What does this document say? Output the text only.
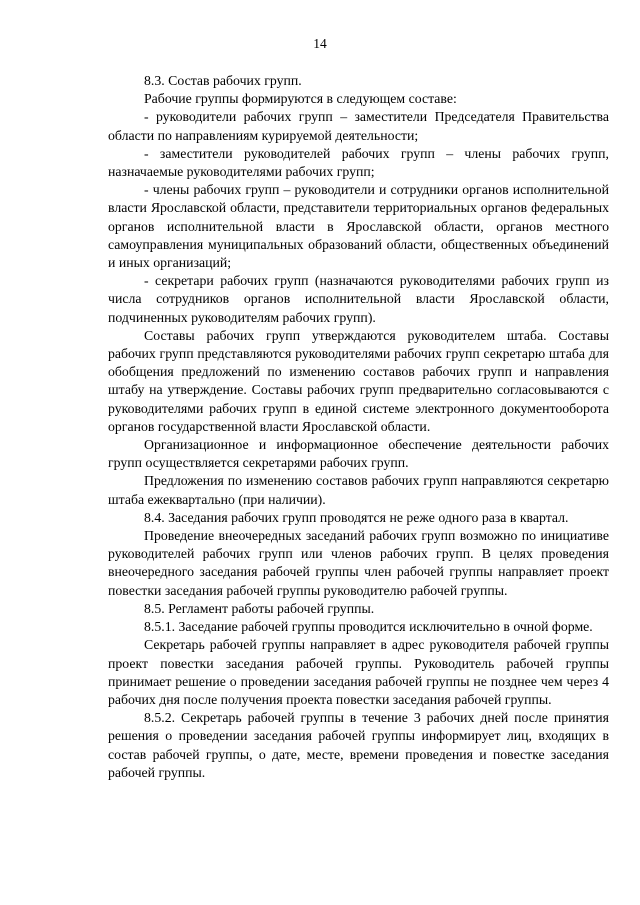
14

8.3. Состав рабочих групп.

Рабочие группы формируются в следующем составе:

- руководители рабочих групп – заместители Председателя Правительства области по направлениям курируемой деятельности;

- заместители руководителей рабочих групп – члены рабочих групп, назначаемые руководителями рабочих групп;

- члены рабочих групп – руководители и сотрудники органов исполнительной власти Ярославской области, представители территориальных органов федеральных органов исполнительной власти в Ярославской области, органов местного самоуправления муниципальных образований области, общественных объединений и иных организаций;

- секретари рабочих групп (назначаются руководителями рабочих групп из числа сотрудников органов исполнительной власти Ярославской области, подчиненных руководителям рабочих групп).

Составы рабочих групп утверждаются руководителем штаба. Составы рабочих групп представляются руководителями рабочих групп секретарю штаба для обобщения предложений по изменению составов рабочих групп и направления штабу на утверждение. Составы рабочих групп предварительно согласовываются с руководителями рабочих групп в единой системе электронного документооборота органов государственной власти Ярославской области.

Организационное и информационное обеспечение деятельности рабочих групп осуществляется секретарями рабочих групп.

Предложения по изменению составов рабочих групп направляются секретарю штаба ежеквартально (при наличии).

8.4. Заседания рабочих групп проводятся не реже одного раза в квартал.

Проведение внеочередных заседаний рабочих групп возможно по инициативе руководителей рабочих групп или членов рабочих групп. В целях проведения внеочередного заседания рабочей группы член рабочей группы направляет проект повестки заседания рабочей группы руководителю рабочей группы.

8.5. Регламент работы рабочей группы.

8.5.1. Заседание рабочей группы проводится исключительно в очной форме.

Секретарь рабочей группы направляет в адрес руководителя рабочей группы проект повестки заседания рабочей группы. Руководитель рабочей группы принимает решение о проведении заседания рабочей группы не позднее чем через 4 рабочих дня после получения проекта повестки заседания рабочей группы.

8.5.2. Секретарь рабочей группы в течение 3 рабочих дней после принятия решения о проведении заседания рабочей группы информирует лиц, входящих в состав рабочей группы, о дате, месте, времени проведения и повестке заседания рабочей группы.
